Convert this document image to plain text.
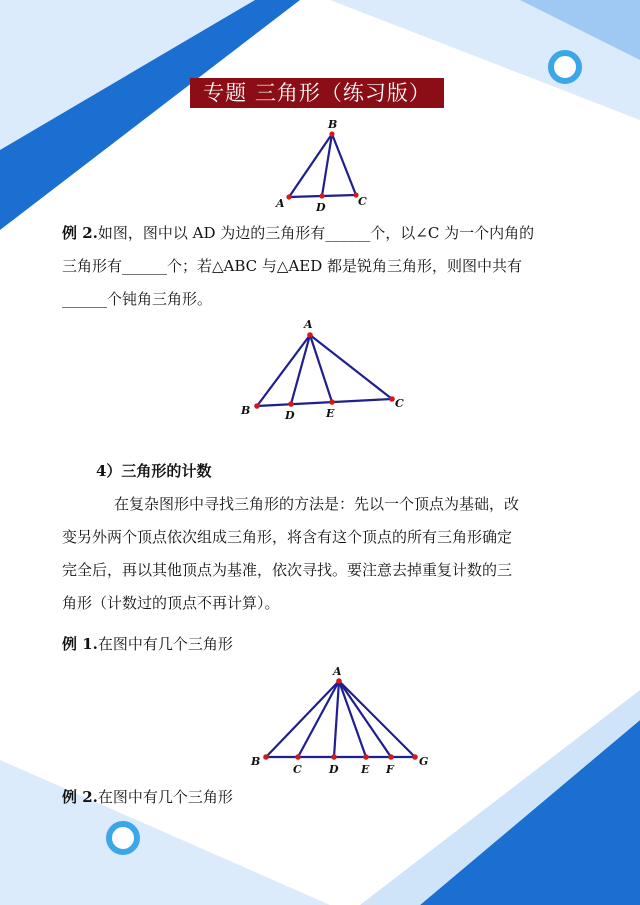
专题 三角形（练习版）
B
A	D	C
例 2.如图，图中以 AD 为边的三角形有______个，以∠C 为一个内角的
三角形有______个；若△ABC 与△AED 都是锐角三角形，则图中共有
______个钝角三角形。
A
B	D	E
C
4）三角形的计数
在复杂图形中寻找三角形的方法是：先以一个顶点为基础，改
变另外两个顶点依次组成三角形，将含有这个顶点的所有三角形确定
完全后，再以其他顶点为基准，依次寻找。要注意去掉重复计数的三
角形（计数过的顶点不再计算）。
例 1.在图中有几个三角形
A
B
C D E F
G
例 2.在图中有几个三角形
